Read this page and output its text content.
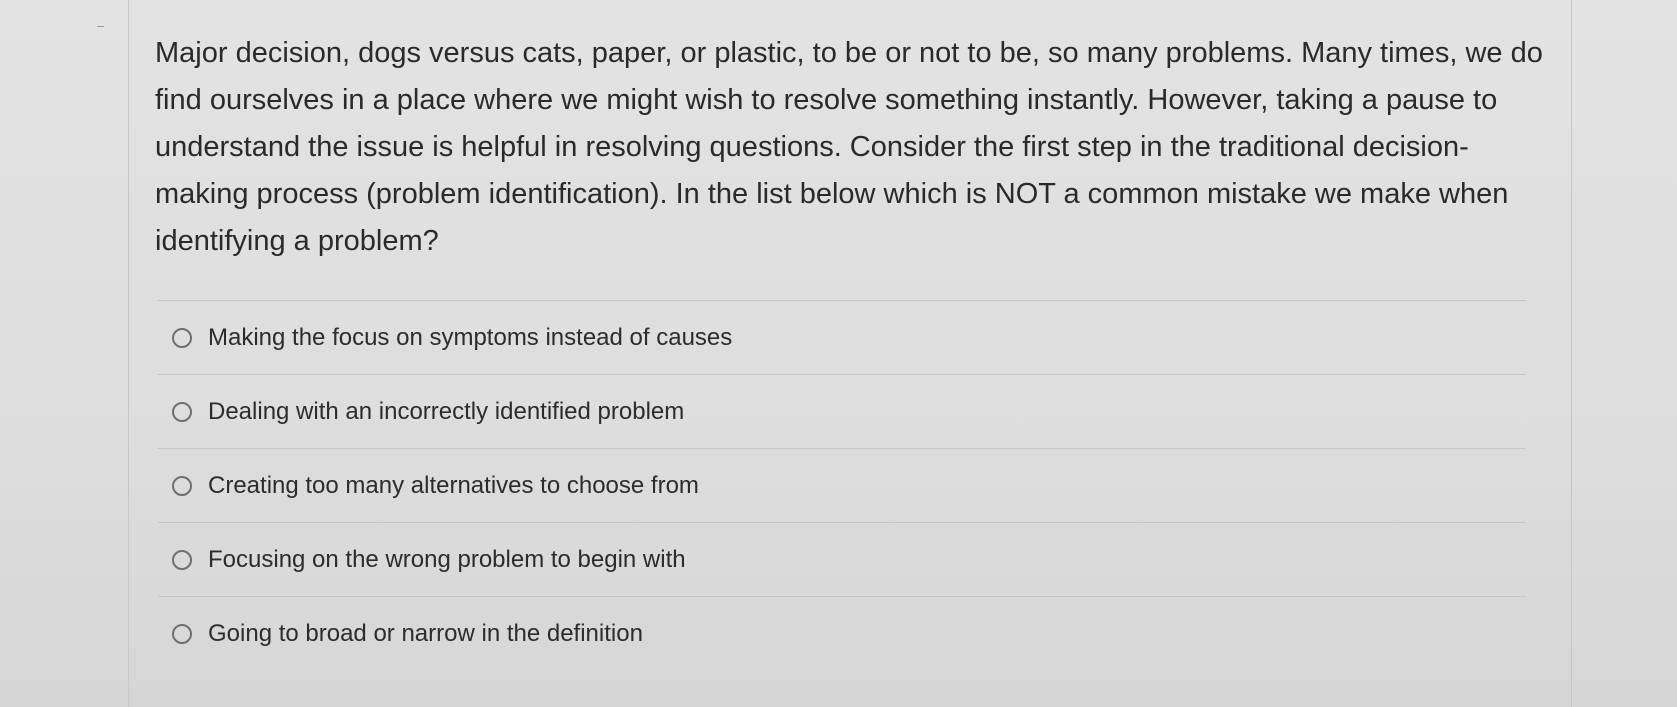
Major decision, dogs versus cats, paper, or plastic, to be or not to be, so many problems. Many times, we do find ourselves in a place where we might wish to resolve something instantly. However, taking a pause to understand the issue is helpful in resolving questions. Consider the first step in the traditional decision-making process (problem identification). In the list below which is NOT a common mistake we make when identifying a problem?

Making the focus on symptoms instead of causes
Dealing with an incorrectly identified problem
Creating too many alternatives to choose from
Focusing on the wrong problem to begin with
Going to broad or narrow in the definition
